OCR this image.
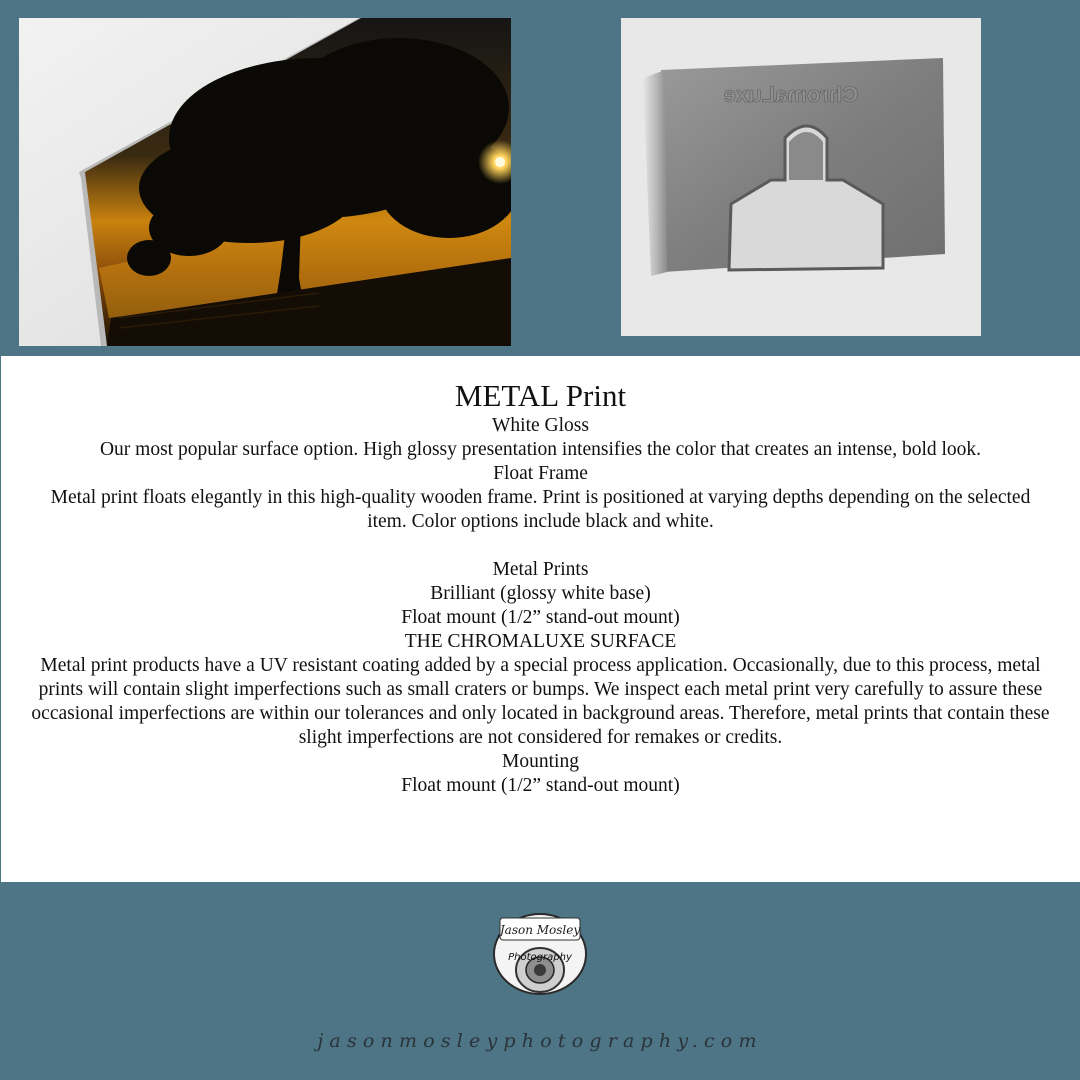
ChromaLuxe
METAL Print

White Gloss

Our most popular surface option. High glossy presentation intensifies the color that creates an intense, bold look.

Float Frame

Metal print floats elegantly in this high-quality wooden frame. Print is positioned at varying depths depending on the selected item. Color options include black and white.

Metal Prints

Brilliant (glossy white base)

Float mount (1/2” stand-out mount)

THE CHROMALUXE SURFACE

Metal print products have a UV resistant coating added by a special process application. Occasionally, due to this process, metal prints will contain slight imperfections such as small craters or bumps. We inspect each metal print very carefully to assure these occasional imperfections are within our tolerances and only located in background areas. Therefore, metal prints that contain these slight imperfections are not considered for remakes or credits.

Mounting

Float mount (1/2” stand-out mount)

Jason Mosley
Photography
jasonmosleyphotography.com
